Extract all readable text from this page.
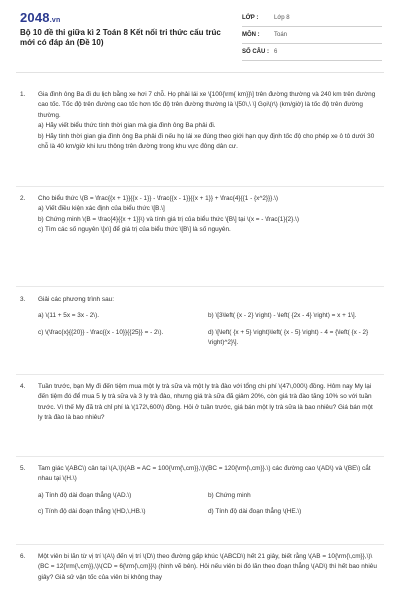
2048.vn
Bộ 10 đề thi giữa kì 2 Toán 8 Kết nối tri thức cấu trúc mới có đáp án (Đề 10)
LỚP :	Lớp 8
MÔN :	Toán
SỐ CÂU : 6
1.	Gia đình ông Ba đi du lịch bằng xe hơi 7 chỗ. Họ phải lái xe \[100{\rm{ km}}\] trên đường thường và 240 km trên đường cao tốc. Tốc độ trên đường cao tốc hơn tốc độ trên đường thường là \[50\,\ \] Gọi\(r\) (km/giờ) là tốc độ trên đường thường.

a) Hãy viết biểu thức tính thời gian mà gia đình ông Ba phải đi.

b) Hãy tính thời gian gia đình ông Ba phải đi nếu họ lái xe đúng theo giới hạn quy định tốc độ cho phép xe ô tô dưới 30 chỗ là 40 km/giờ khi lưu thông trên đường trong khu vực đông dân cư.

2.	Cho biểu thức \(B = \frac{{x + 1}}{{x - 1}} - \frac{{x - 1}}{{x + 1}} + \frac{4}{{1 - {x^2}}}.\)

a) Viết điều kiện xác định của biểu thức \[B.\]

b) Chứng minh \(B = \frac{4}{{x + 1}}\) và tính giá trị của biểu thức \[B\] tại \(x = - \frac{1}{2}.\)

c) Tìm các số nguyên \[x\] để giá trị của biểu thức \[B\] là số nguyên.

3.	Giải các phương trình sau:

a) \(11 + 5x = 3x - 2\).	b) \[3\left( {x - 2} \right) - \left( {2x - 4} \right) = x + 1\].
c) \(\frac{x}{{20}} - \frac{{x - 10}}{{25}} = - 2\).	d) \[\left( {x + 5} \right)\left( {x - 5} \right) - 4 = {\left( {x - 2} \right)^2}\].
4.	Tuần trước, bạn My đi đến tiệm mua một ly trà sữa và một ly trà đào với tổng chi phí \(47\,000\) đồng. Hôm nay My lại đến tiệm đó để mua 5 ly trà sữa và 3 ly trà đào, nhưng giá trà sữa đã giảm 20%, còn giá trà đào tăng 10% so với tuần trước. Vì thế My đã trả chỉ phí là \(172\,600\) đồng. Hỏi ở tuần trước, giá bán một ly trà sữa là bao nhiêu? Giá bán một ly trà đào là bao nhiêu?

5.	Tam giác \(ABC\) cân tại \(A,\)\(AB = AC = 100{\rm{\,cm}},\)\(BC = 120{\rm{\,cm}}.\) các đường cao \(AD\) và \(BE\) cắt nhau tại \(H.\)

a) Tính độ dài đoạn thẳng \(AD.\)	b) Chứng minh
c) Tính độ dài đoạn thẳng \(HD,\,HB.\)	d) Tính độ dài đoạn thẳng \(HE.\)
6.	Một viên bi lăn từ vị trí \(A\) đến vị trí \(D\) theo đường gấp khúc \(ABCD\) hết 21 giây, biết rằng \(AB = 10{\rm{\,cm}},\)\(BC = 12{\rm{\,cm}},\)\(CD = 6{\rm{\,cm}}\) (hình vẽ bên). Hỏi nếu viên bi đó lăn theo đoạn thẳng \(AD\) thì hết bao nhiêu giây? Giả sử vận tốc của viên bi không thay
